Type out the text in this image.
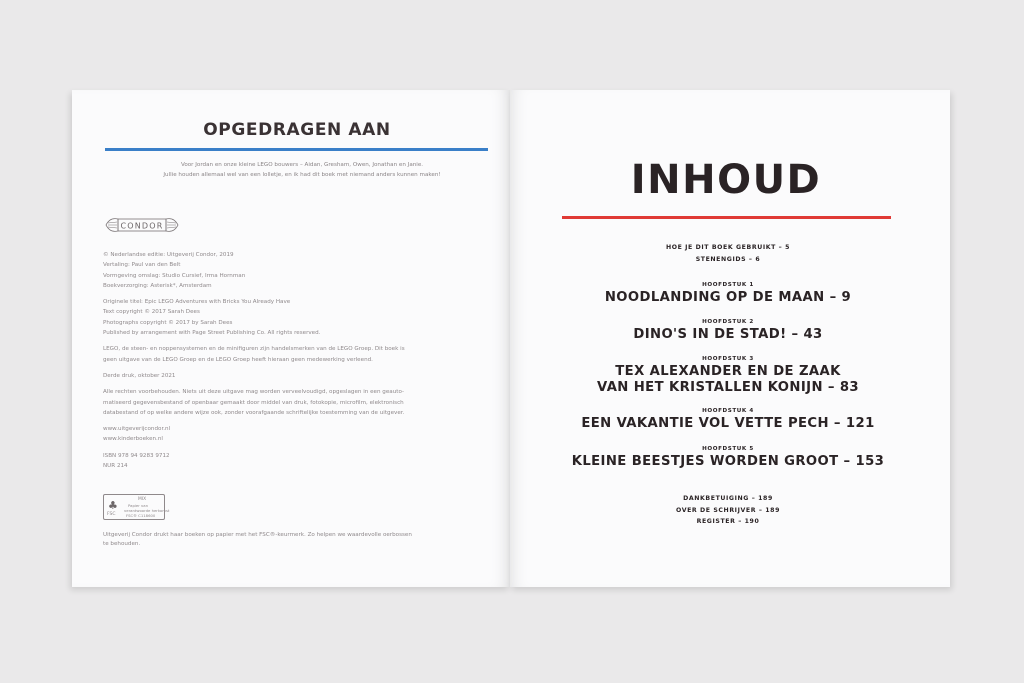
OPGEDRAGEN AAN
Voor Jordan en onze kleine LEGO bouwers – Aidan, Gresham, Owen, Jonathan en Janie.
Jullie houden allemaal wel van een lolletje, en ik had dit boek met niemand anders kunnen maken!
CONDOR

© Nederlandse editie: Uitgeverij Condor, 2019
Vertaling: Paul van den Belt
Vormgeving omslag: Studio Cursief, Irma Hornman
Boekverzorging: Asterisk*, Amsterdam

Originele titel: Epic LEGO Adventures with Bricks You Already Have
Text copyright © 2017 Sarah Dees
Photographs copyright © 2017 by Sarah Dees
Published by arrangement with Page Street Publishing Co. All rights reserved.

LEGO, de steen- en noppensystemen en de minifiguren zijn handelsmerken van de LEGO Groep. Dit boek is
geen uitgave van de LEGO Groep en de LEGO Groep heeft hieraan geen medewerking verleend.

Derde druk, oktober 2021

Alle rechten voorbehouden. Niets uit deze uitgave mag worden verveelvoudigd, opgeslagen in een geauto-
matiseerd gegevensbestand of openbaar gemaakt door middel van druk, fotokopie, microfilm, elektronisch
databestand of op welke andere wijze ook, zonder voorafgaande schriftelijke toestemming van de uitgever.

www.uitgeverijcondor.nl
www.kinderboeken.nl

ISBN 978 94 9283 9712
NUR 214

♣
FSC
MIX
Papier van
verantwoorde herkomst
FSC® C118600
Uitgeverij Condor drukt haar boeken op papier met het FSC®-keurmerk. Zo helpen we waardevolle oerbossen
te behouden.
INHOUD
HOE JE DIT BOEK GEBRUIKT – 5
STENENGIDS – 6
HOOFDSTUK 1
NOODLANDING OP DE MAAN – 9
HOOFDSTUK 2
DINO'S IN DE STAD! – 43
HOOFDSTUK 3
TEX ALEXANDER EN DE ZAAK
VAN HET KRISTALLEN KONIJN – 83
HOOFDSTUK 4
EEN VAKANTIE VOL VETTE PECH – 121
HOOFDSTUK 5
KLEINE BEESTJES WORDEN GROOT – 153
DANKBETUIGING – 189
OVER DE SCHRIJVER – 189
REGISTER – 190
